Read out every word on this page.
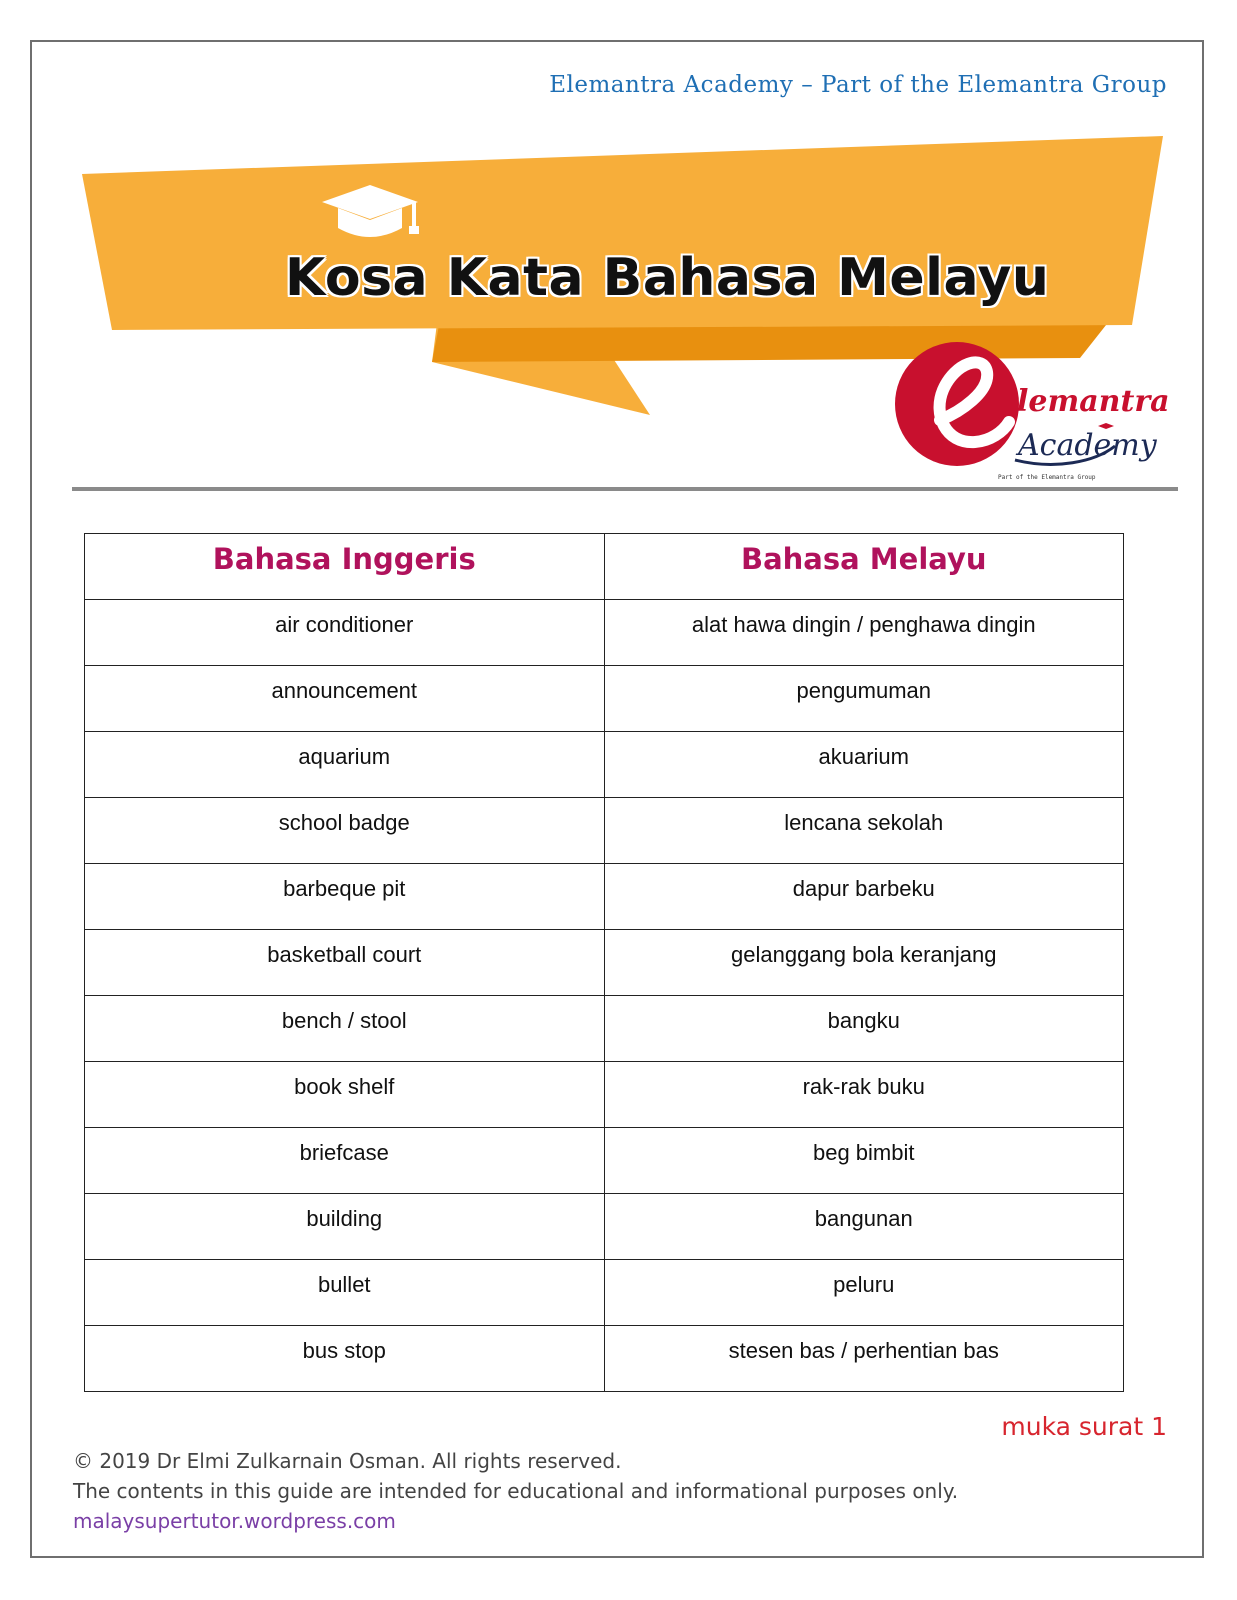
Elemantra Academy – Part of the Elemantra Group
Kosa Kata Bahasa Melayu
lemantra
Academy
Part of the Elemantra Group
Bahasa Inggeris	Bahasa Melayu
air conditioner	alat hawa dingin / penghawa dingin
announcement	pengumuman
aquarium	akuarium
school badge	lencana sekolah
barbeque pit	dapur barbeku
basketball court	gelanggang bola keranjang
bench / stool	bangku
book shelf	rak-rak buku
briefcase	beg bimbit
building	bangunan
bullet	peluru
bus stop	stesen bas / perhentian bas
muka surat 1
© 2019 Dr Elmi Zulkarnain Osman. All rights reserved.
The contents in this guide are intended for educational and informational purposes only.
malaysupertutor.wordpress.com
